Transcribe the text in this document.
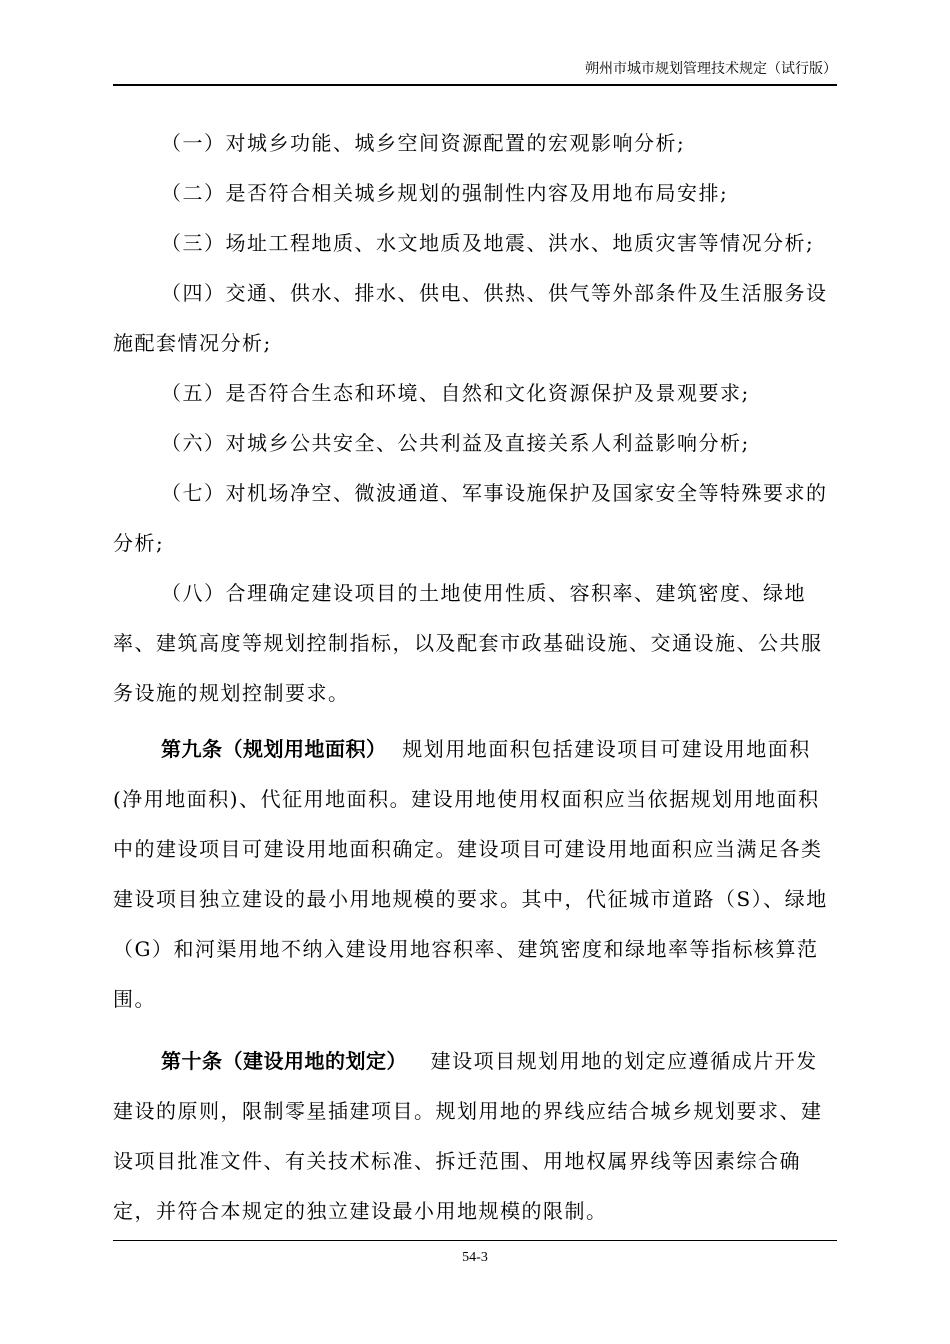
朔州市城市规划管理技术规定（试行版）

（一）对城乡功能、城乡空间资源配置的宏观影响分析;

（二）是否符合相关城乡规划的强制性内容及用地布局安排;

（三）场址工程地质、水文地质及地震、洪水、地质灾害等情况分析;

（四）交通、供水、排水、供电、供热、供气等外部条件及生活服务设施配套情况分析;

（五）是否符合生态和环境、自然和文化资源保护及景观要求;

（六）对城乡公共安全、公共利益及直接关系人利益影响分析;

（七）对机场净空、微波通道、军事设施保护及国家安全等特殊要求的分析;

（八）合理确定建设项目的土地使用性质、容积率、建筑密度、绿地率、建筑高度等规划控制指标，以及配套市政基础设施、交通设施、公共服务设施的规划控制要求。

第九条（规划用地面积） 规划用地面积包括建设项目可建设用地面积(净用地面积)、代征用地面积。建设用地使用权面积应当依据规划用地面积中的建设项目可建设用地面积确定。建设项目可建设用地面积应当满足各类建设项目独立建设的最小用地规模的要求。其中，代征城市道路（S）、绿地（G）和河渠用地不纳入建设用地容积率、建筑密度和绿地率等指标核算范围。

第十条（建设用地的划定） 建设项目规划用地的划定应遵循成片开发建设的原则，限制零星插建项目。规划用地的界线应结合城乡规划要求、建设项目批准文件、有关技术标准、拆迁范围、用地权属界线等因素综合确定，并符合本规定的独立建设最小用地规模的限制。

54-3
